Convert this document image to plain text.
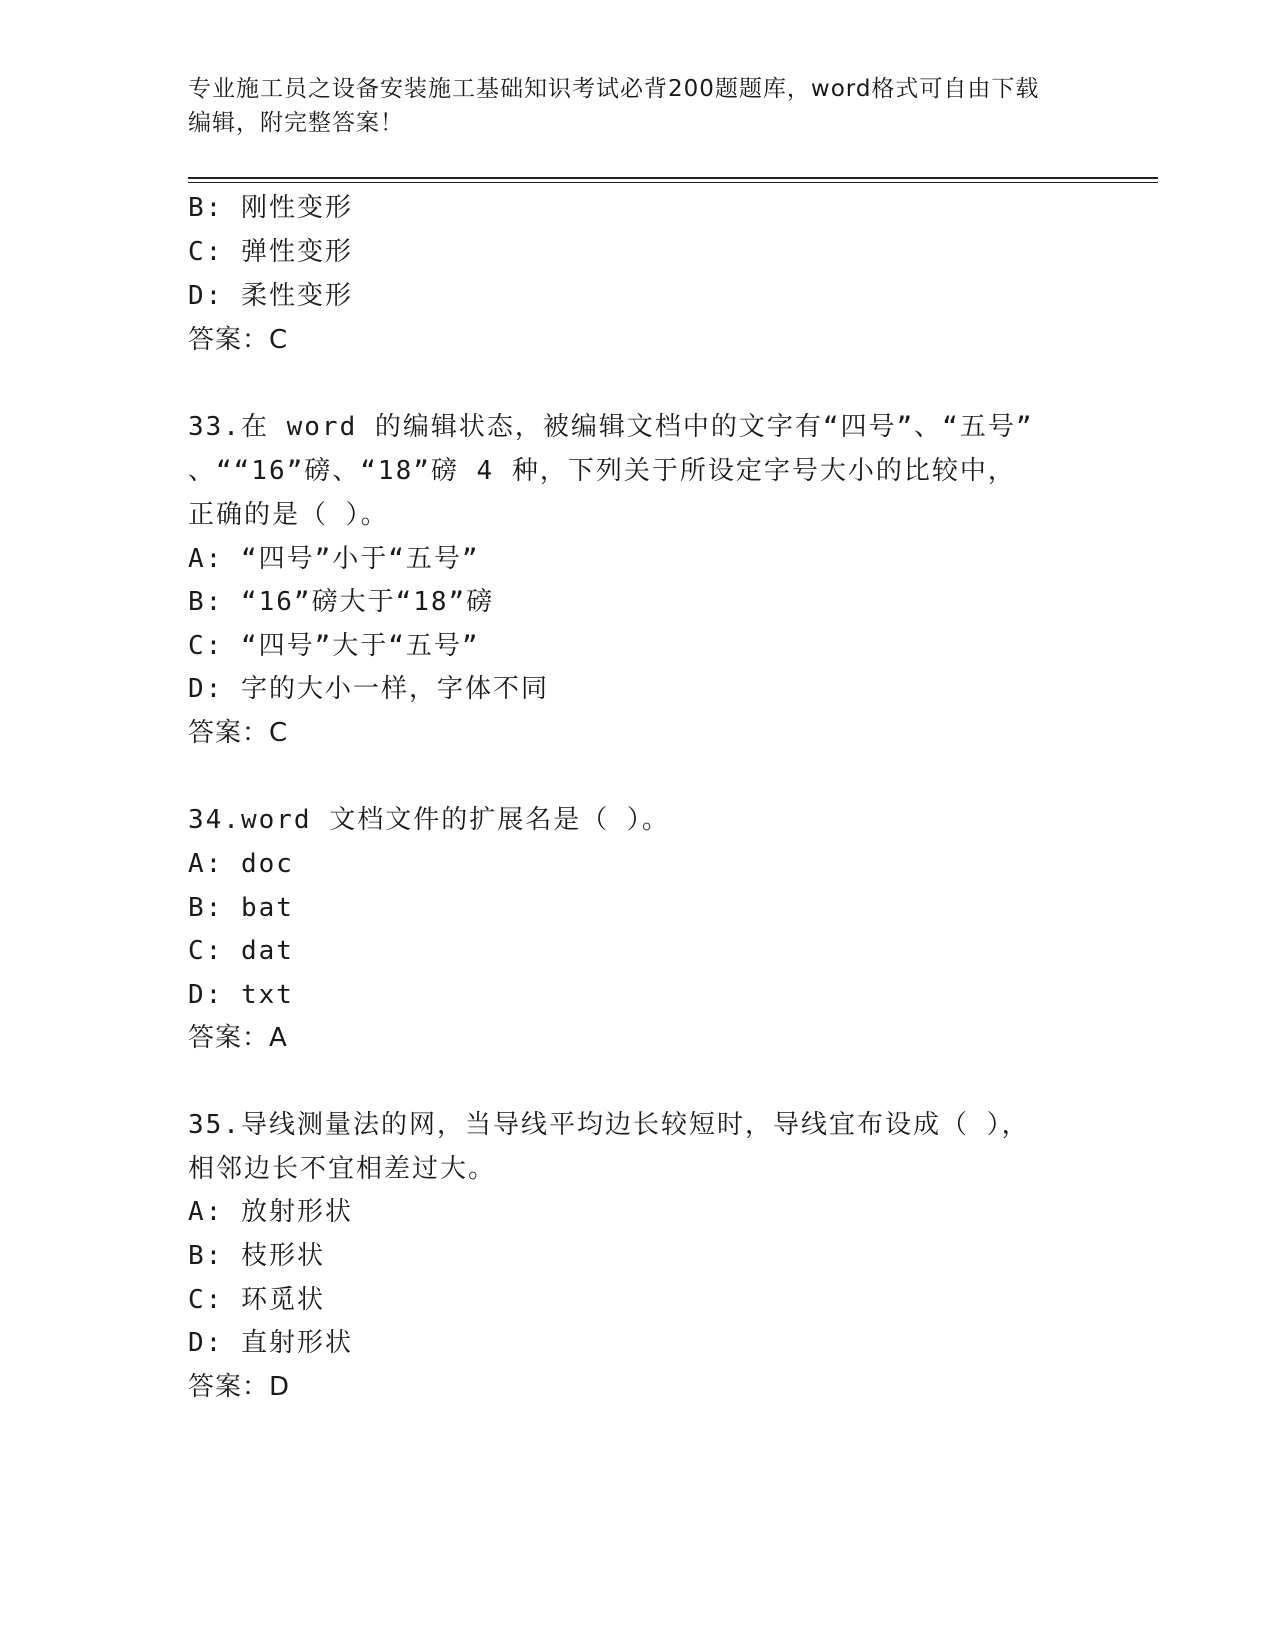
专业施工员之设备安装施工基础知识考试必背200题题库，word格式可自由下载
编辑，附完整答案！
B: 刚性变形
C: 弹性变形
D: 柔性变形
答案：C
33.在 word 的编辑状态，被编辑文档中的文字有“四号”、“五号”
、““16”磅、“18”磅 4 种，下列关于所设定字号大小的比较中，
正确的是（ ）。
A: “四号”小于“五号”
B: “16”磅大于“18”磅
C: “四号”大于“五号”
D: 字的大小一样，字体不同
答案：C
34.word 文档文件的扩展名是（ ）。
A: doc
B: bat
C: dat
D: txt
答案：A
35.导线测量法的网，当导线平均边长较短时，导线宜布设成（ ），
相邻边长不宜相差过大。
A: 放射形状
B: 枝形状
C: 环觅状
D: 直射形状
答案：D
